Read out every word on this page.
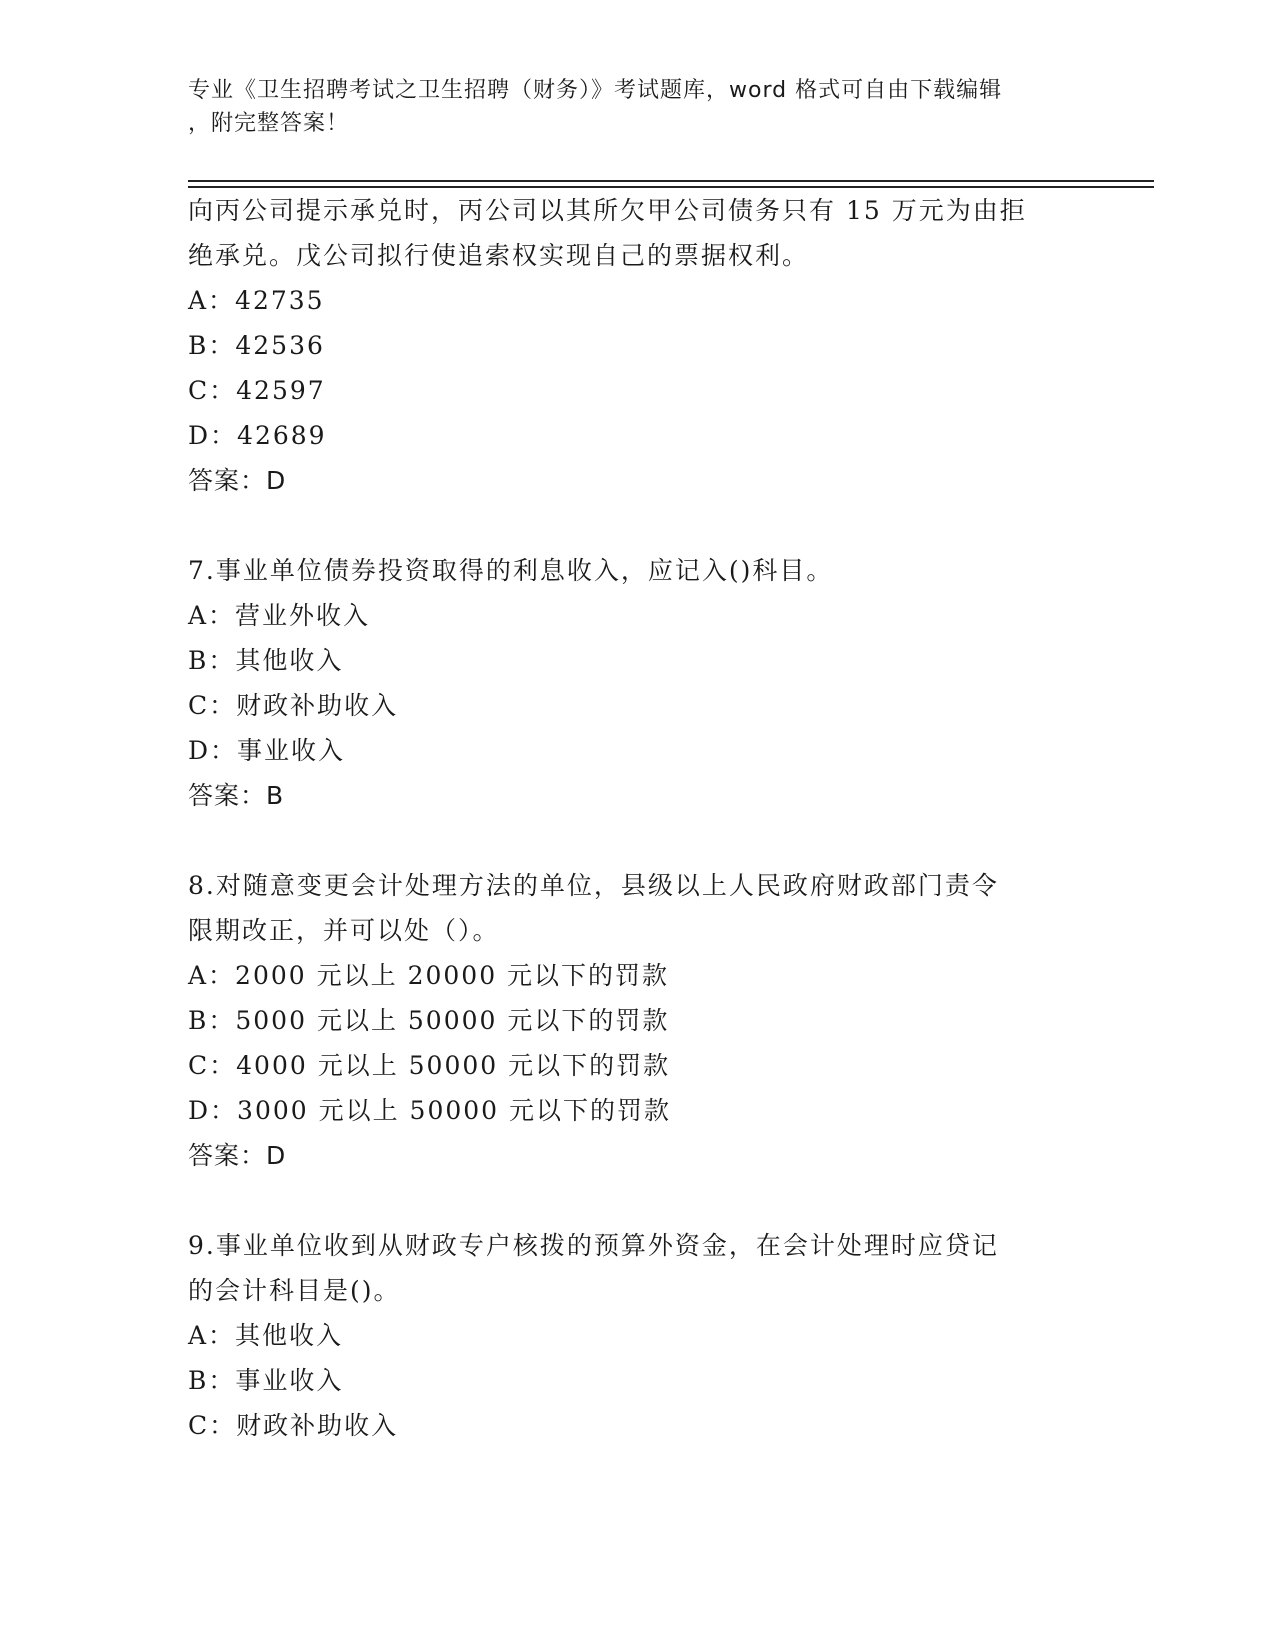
专业《卫生招聘考试之卫生招聘（财务）》考试题库，word 格式可自由下载编辑
，附完整答案！
向丙公司提示承兑时，丙公司以其所欠甲公司债务只有 15 万元为由拒
绝承兑。戊公司拟行使追索权实现自己的票据权利。
A：42735
B：42536
C：42597
D：42689
答案：D
7.事业单位债券投资取得的利息收入，应记入()科目。
A：营业外收入
B：其他收入
C：财政补助收入
D：事业收入
答案：B
8.对随意变更会计处理方法的单位，县级以上人民政府财政部门责令
限期改正，并可以处（）。
A：2000 元以上 20000 元以下的罚款
B：5000 元以上 50000 元以下的罚款
C：4000 元以上 50000 元以下的罚款
D：3000 元以上 50000 元以下的罚款
答案：D
9.事业单位收到从财政专户核拨的预算外资金，在会计处理时应贷记
的会计科目是()。
A：其他收入
B：事业收入
C：财政补助收入
